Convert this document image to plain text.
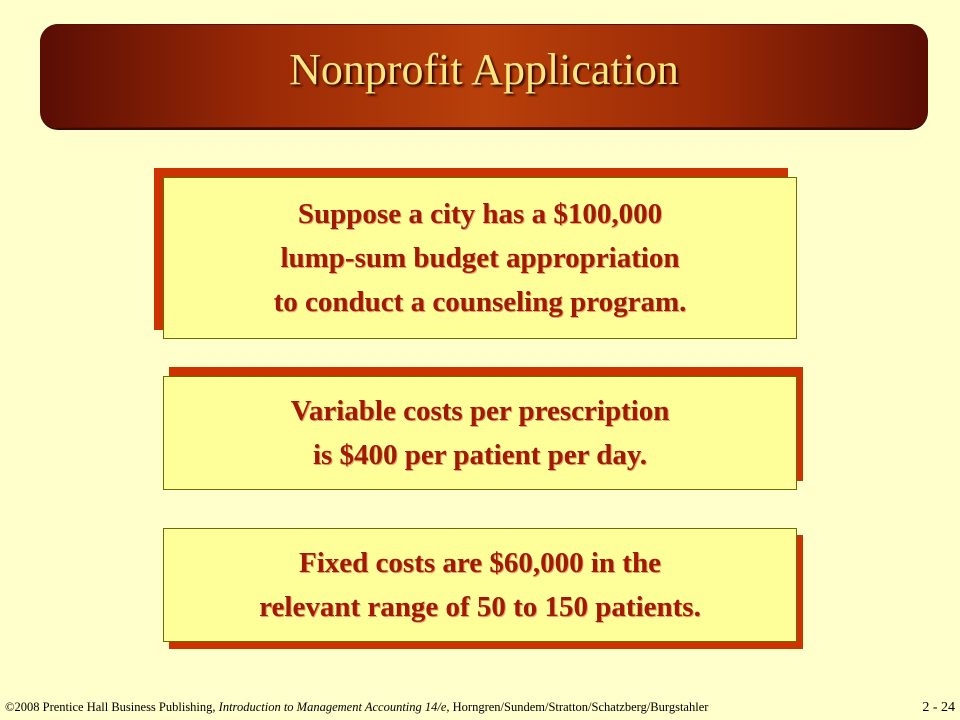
Nonprofit Application
Suppose a city has a $100,000
lump-sum budget appropriation
to conduct a counseling program.
Variable costs per prescription
is $400 per patient per day.
Fixed costs are $60,000 in the
relevant range of 50 to 150 patients.
©2008 Prentice Hall Business Publishing, Introduction to Management Accounting 14/e, Horngren/Sundem/Stratton/Schatzberg/Burgstahler	2 - 24
